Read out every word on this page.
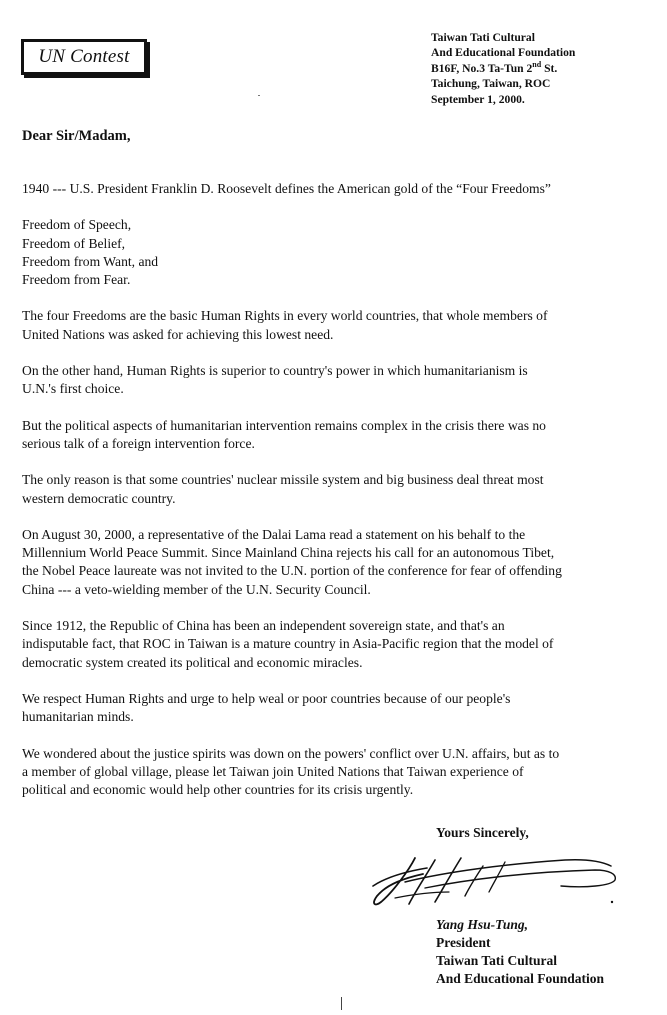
UN Contest
Taiwan Tati Cultural
And Educational Foundation
B16F, No.3 Ta-Tun 2nd St.
Taichung, Taiwan, ROC
September 1, 2000.
Dear Sir/Madam,

1940 --- U.S. President Franklin D. Roosevelt defines the American gold of the “Four Freedoms”

Freedom of Speech,

Freedom of Belief,

Freedom from Want, and

Freedom from Fear.

The four Freedoms are the basic Human Rights in every world countries, that whole members of

United Nations was asked for achieving this lowest need.

On the other hand, Human Rights is superior to country's power in which humanitarianism is

U.N.'s first choice.

But the political aspects of humanitarian intervention remains complex in the crisis there was no

serious talk of a foreign intervention force.

The only reason is that some countries' nuclear missile system and big business deal threat most

western democratic country.

On August 30, 2000, a representative of the Dalai Lama read a statement on his behalf to the

Millennium World Peace Summit. Since Mainland China rejects his call for an autonomous Tibet,

the Nobel Peace laureate was not invited to the U.N. portion of the conference for fear of offending

China --- a veto-wielding member of the U.N. Security Council.

Since 1912, the Republic of China has been an independent sovereign state, and that's an

indisputable fact, that ROC in Taiwan is a mature country in Asia-Pacific region that the model of

democratic system created its political and economic miracles.

We respect Human Rights and urge to help weal or poor countries because of our people's

humanitarian minds.

We wondered about the justice spirits was down on the powers' conflict over U.N. affairs, but as to

a member of global village, please let Taiwan join United Nations that Taiwan experience of

political and economic would help other countries for its crisis urgently.

Yours Sincerely,
Yang Hsu-Tung,
President
Taiwan Tati Cultural
And Educational Foundation
